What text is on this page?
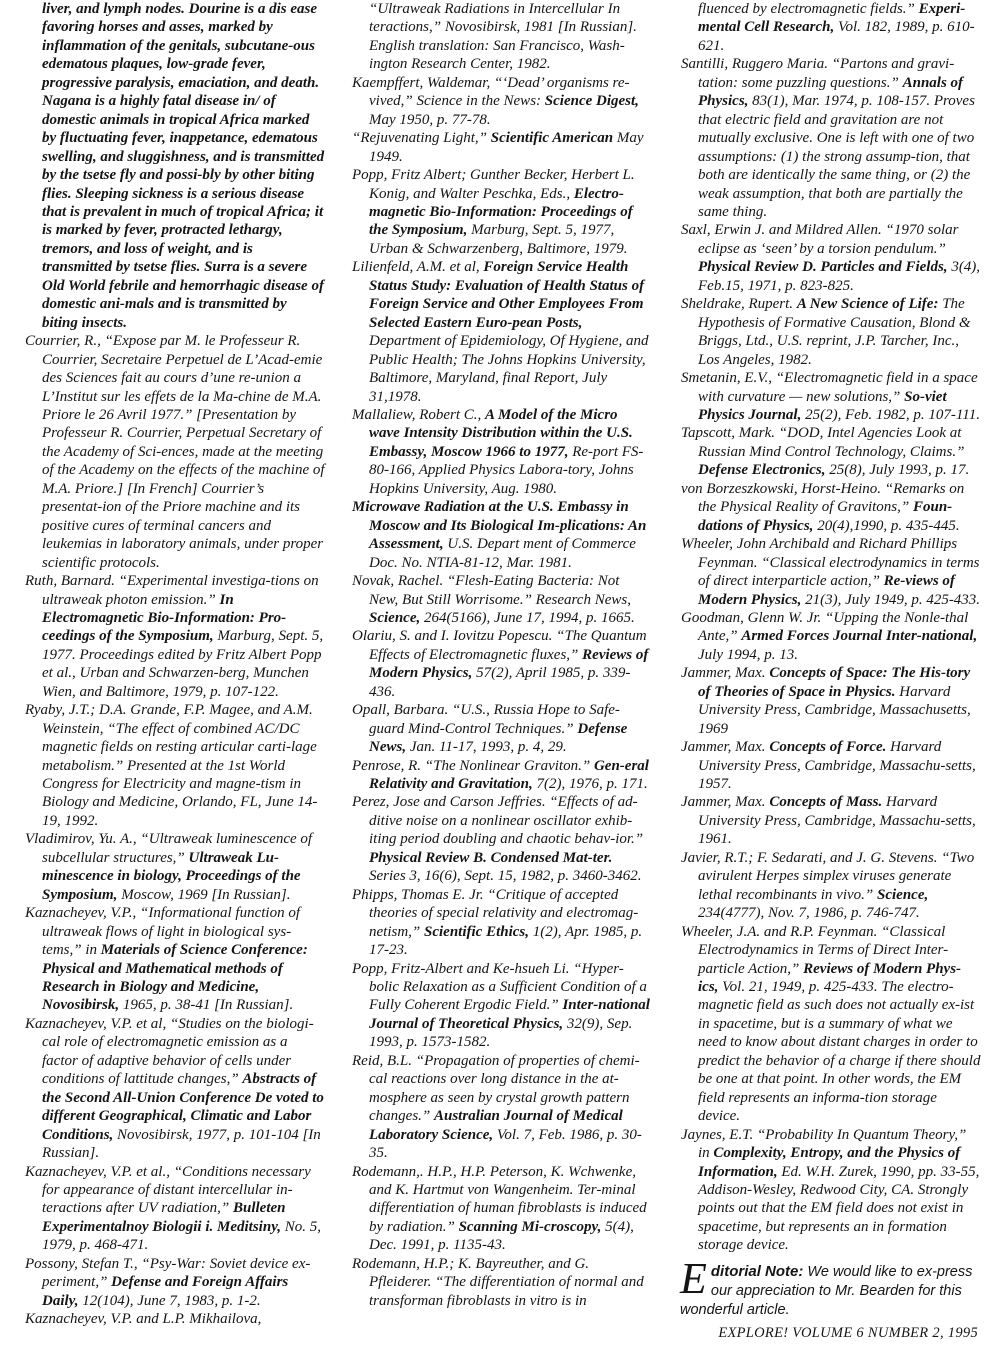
liver, and lymph nodes. Dourine is a dis ease favoring horses and asses, marked by inflammation of the genitals, subcutane-ous edematous plaques, low-grade fever, progressive paralysis, emaciation, and death. Nagana is a highly fatal disease in/ of domestic animals in tropical Africa marked by fluctuating fever, inappetance, edematous swelling, and sluggishness, and is transmitted by the tsetse fly and possi-bly by other biting flies. Sleeping sickness is a serious disease that is prevalent in much of tropical Africa; it is marked by fever, protracted lethargy, tremors, and loss of weight, and is transmitted by tsetse flies. Surra is a severe Old World febrile and hemorrhagic disease of domestic ani-mals and is transmitted by biting insects.

Courrier, R., “Expose par M. le Professeur R. Courrier, Secretaire Perpetuel de L’Acad-emie des Sciences fait au cours d’une re-union a L’Institut sur les effets de la Ma-chine de M.A. Priore le 26 Avril 1977.” [Presentation by Professeur R. Courrier, Perpetual Secretary of the Academy of Sci-ences, made at the meeting of the Academy on the effects of the machine of M.A. Priore.] [In French] Courrier’s presentat-ion of the Priore machine and its positive cures of terminal cancers and leukemias in laboratory animals, under proper scientific protocols.

Ruth, Barnard. “Experimental investiga-tions on ultraweak photon emission.” In Electromagnetic Bio-Information: Pro-ceedings of the Symposium, Marburg, Sept. 5, 1977. Proceedings edited by Fritz Albert Popp et al., Urban and Schwarzen-berg, Munchen Wien, and Baltimore, 1979, p. 107-122.

Ryaby, J.T.; D.A. Grande, F.P. Magee, and A.M. Weinstein, “The effect of combined AC/DC magnetic fields on resting articular carti-lage metabolism.” Presented at the 1st World Congress for Electricity and magne-tism in Biology and Medicine, Orlando, FL, June 14-19, 1992.

Vladimirov, Yu. A., “Ultraweak luminescence of subcellular structures,” Ultraweak Lu-minescence in biology, Proceedings of the Symposium, Moscow, 1969 [In Russian].

Kaznacheyev, V.P., “Informational function of ultraweak flows of light in biological sys-tems,” in Materials of Science Conference: Physical and Mathematical methods of Research in Biology and Medicine, Novosibirsk, 1965, p. 38-41 [In Russian].

Kaznacheyev, V.P. et al, “Studies on the biologi-cal role of electromagnetic emission as a factor of adaptive behavior of cells under conditions of lattitude changes,” Abstracts of the Second All-Union Conference De voted to different Geographical, Climatic and Labor Conditions, Novosibirsk, 1977, p. 101-104 [In Russian].

Kaznacheyev, V.P. et al., “Conditions necessary for appearance of distant intercellular in-teractions after UV radiation,” Bulleten Experimentalnoy Biologii i. Meditsiny, No. 5, 1979, p. 468-471.

Possony, Stefan T., “Psy-War: Soviet device ex-periment,” Defense and Foreign Affairs Daily, 12(104), June 7, 1983, p. 1-2.

Kaznacheyev, V.P. and L.P. Mikhailova,

“Ultraweak Radiations in Intercellular In teractions,” Novosibirsk, 1981 [In Russian]. English translation: San Francisco, Wash-ington Research Center, 1982.

Kaempffert, Waldemar, “‘Dead’ organisms re-vived,” Science in the News: Science Digest, May 1950, p. 77-78.

“Rejuvenating Light,” Scientific American May 1949.

Popp, Fritz Albert; Gunther Becker, Herbert L. Konig, and Walter Peschka, Eds., Electro-magnetic Bio-Information: Proceedings of the Symposium, Marburg, Sept. 5, 1977, Urban & Schwarzenberg, Baltimore, 1979.

Lilienfeld, A.M. et al, Foreign Service Health Status Study: Evaluation of Health Status of Foreign Service and Other Employees From Selected Eastern Euro-pean Posts, Department of Epidemiology, Of Hygiene, and Public Health; The Johns Hopkins University, Baltimore, Maryland, final Report, July 31,1978.

Mallaliew, Robert C., A Model of the Micro wave Intensity Distribution within the U.S. Embassy, Moscow 1966 to 1977, Re-port FS-80-166, Applied Physics Labora-tory, Johns Hopkins University, Aug. 1980.

Microwave Radiation at the U.S. Embassy in Moscow and Its Biological Im-plications: An Assessment, U.S. Depart ment of Commerce Doc. No. NTIA-81-12, Mar. 1981.

Novak, Rachel. “Flesh-Eating Bacteria: Not New, But Still Worrisome.” Research News, Science, 264(5166), June 17, 1994, p. 1665.

Olariu, S. and I. Iovitzu Popescu. “The Quantum Effects of Electromagnetic fluxes,” Reviews of Modern Physics, 57(2), April 1985, p. 339-436.

Opall, Barbara. “U.S., Russia Hope to Safe-guard Mind-Control Techniques.” Defense News, Jan. 11-17, 1993, p. 4, 29.

Penrose, R. “The Nonlinear Graviton.” Gen-eral Relativity and Gravitation, 7(2), 1976, p. 171.

Perez, Jose and Carson Jeffries. “Effects of ad-ditive noise on a nonlinear oscillator exhib-iting period doubling and chaotic behav-ior.” Physical Review B. Condensed Mat-ter. Series 3, 16(6), Sept. 15, 1982, p. 3460-3462.

Phipps, Thomas E. Jr. “Critique of accepted theories of special relativity and electromag-netism,” Scientific Ethics, 1(2), Apr. 1985, p. 17-23.

Popp, Fritz-Albert and Ke-hsueh Li. “Hyper-bolic Relaxation as a Sufficient Condition of a Fully Coherent Ergodic Field.” Inter-national Journal of Theoretical Physics, 32(9), Sep. 1993, p. 1573-1582.

Reid, B.L. “Propagation of properties of chemi-cal reactions over long distance in the at-mosphere as seen by crystal growth pattern changes.” Australian Journal of Medical Laboratory Science, Vol. 7, Feb. 1986, p. 30-35.

Rodemann,. H.P., H.P. Peterson, K. Wchwenke, and K. Hartmut von Wangenheim. Ter-minal differentiation of human fibroblasts is induced by radiation.” Scanning Mi-croscopy, 5(4), Dec. 1991, p. 1135-43.

Rodemann, H.P.; K. Bayreuther, and G. Pfleiderer. “The differentiation of normal and transforman fibroblasts in vitro is in

fluenced by electromagnetic fields.” Experi-mental Cell Research, Vol. 182, 1989, p. 610-621.

Santilli, Ruggero Maria. “Partons and gravi-tation: some puzzling questions.” Annals of Physics, 83(1), Mar. 1974, p. 108-157. Proves that electric field and gravitation are not mutually exclusive. One is left with one of two assumptions: (1) the strong assump-tion, that both are identically the same thing, or (2) the weak assumption, that both are partially the same thing.

Saxl, Erwin J. and Mildred Allen. “1970 solar eclipse as ‘seen’ by a torsion pendulum.” Physical Review D. Particles and Fields, 3(4), Feb.15, 1971, p. 823-825.

Sheldrake, Rupert. A New Science of Life: The Hypothesis of Formative Causation, Blond & Briggs, Ltd., U.S. reprint, J.P. Tarcher, Inc., Los Angeles, 1982.

Smetanin, E.V., “Electromagnetic field in a space with curvature — new solutions,” So-viet Physics Journal, 25(2), Feb. 1982, p. 107-111.

Tapscott, Mark. “DOD, Intel Agencies Look at Russian Mind Control Technology, Claims.” Defense Electronics, 25(8), July 1993, p. 17.

von Borzeszkowski, Horst-Heino. “Remarks on the Physical Reality of Gravitons,” Foun-dations of Physics, 20(4),1990, p. 435-445.

Wheeler, John Archibald and Richard Phillips Feynman. “Classical electrodynamics in terms of direct interparticle action,” Re-views of Modern Physics, 21(3), July 1949, p. 425-433.

Goodman, Glenn W. Jr. “Upping the Nonle-thal Ante,” Armed Forces Journal Inter-national, July 1994, p. 13.

Jammer, Max. Concepts of Space: The His-tory of Theories of Space in Physics. Harvard University Press, Cambridge, Massachusetts, 1969

Jammer, Max. Concepts of Force. Harvard University Press, Cambridge, Massachu-setts, 1957.

Jammer, Max. Concepts of Mass. Harvard University Press, Cambridge, Massachu-setts, 1961.

Javier, R.T.; F. Sedarati, and J. G. Stevens. “Two avirulent Herpes simplex viruses generate lethal recombinants in vivo.” Science, 234(4777), Nov. 7, 1986, p. 746-747.

Wheeler, J.A. and R.P. Feynman. “Classical Electrodynamics in Terms of Direct Inter-particle Action,” Reviews of Modern Phys-ics, Vol. 21, 1949, p. 425-433. The electro-magnetic field as such does not actually ex-ist in spacetime, but is a summary of what we need to know about distant charges in order to predict the behavior of a charge if there should be one at that point. In other words, the EM field represents an informa-tion storage device.

Jaynes, E.T. “Probability In Quantum Theory,” in Complexity, Entropy, and the Physics of Information, Ed. W.H. Zurek, 1990, pp. 33-55, Addison-Wesley, Redwood City, CA. Strongly points out that the EM field does not exist in spacetime, but represents an in formation storage device.

E ditorial Note: We would like to ex-press our appreciation to Mr. Bearden for this wonderful article.
EXPLORE! VOLUME 6 NUMBER 2, 1995
